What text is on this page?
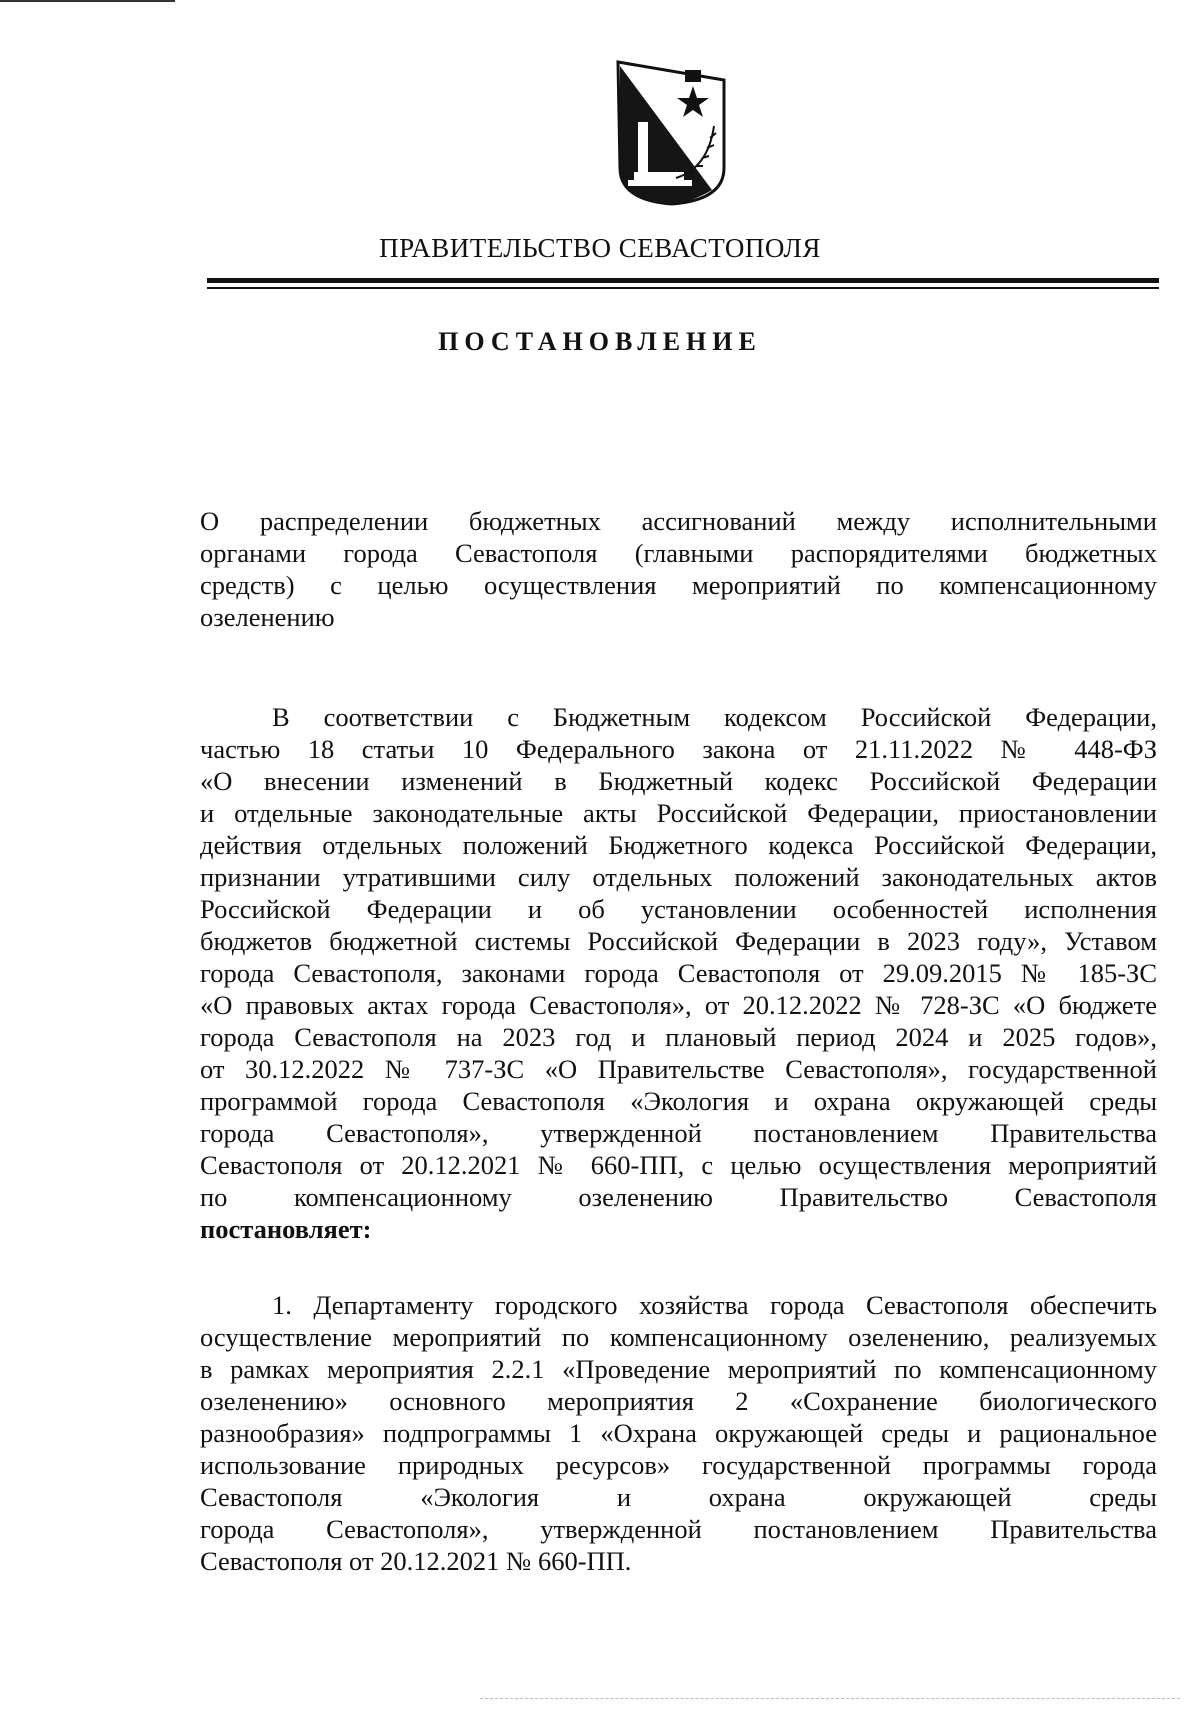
ПРАВИТЕЛЬСТВО СЕВАСТОПОЛЯ
ПОСТАНОВЛЕНИЕ
О распределении бюджетных ассигнований между исполнительными
органами города Севастополя (главными распорядителями бюджетных
средств) с целью осуществления мероприятий по компенсационному
озеленению
В соответствии с Бюджетным кодексом Российской Федерации,
частью 18 статьи 10 Федерального закона от 21.11.2022 № 448-ФЗ
«О внесении изменений в Бюджетный кодекс Российской Федерации
и отдельные законодательные акты Российской Федерации, приостановлении
действия отдельных положений Бюджетного кодекса Российской Федерации,
признании утратившими силу отдельных положений законодательных актов
Российской Федерации и об установлении особенностей исполнения
бюджетов бюджетной системы Российской Федерации в 2023 году», Уставом
города Севастополя, законами города Севастополя от 29.09.2015 № 185-ЗС
«О правовых актах города Севастополя», от 20.12.2022 № 728-ЗС «О бюджете
города Севастополя на 2023 год и плановый период 2024 и 2025 годов»,
от 30.12.2022 № 737-ЗС «О Правительстве Севастополя», государственной
программой города Севастополя «Экология и охрана окружающей среды
города Севастополя», утвержденной постановлением Правительства
Севастополя от 20.12.2021 № 660-ПП, с целью осуществления мероприятий
по компенсационному озеленению Правительство Севастополя
постановляет:
1. Департаменту городского хозяйства города Севастополя обеспечить
осуществление мероприятий по компенсационному озеленению, реализуемых
в рамках мероприятия 2.2.1 «Проведение мероприятий по компенсационному
озеленению» основного мероприятия 2 «Сохранение биологического
разнообразия» подпрограммы 1 «Охрана окружающей среды и рациональное
использование природных ресурсов» государственной программы города
Севастополя «Экология и охрана окружающей среды
города Севастополя», утвержденной постановлением Правительства
Севастополя от 20.12.2021 № 660-ПП.
